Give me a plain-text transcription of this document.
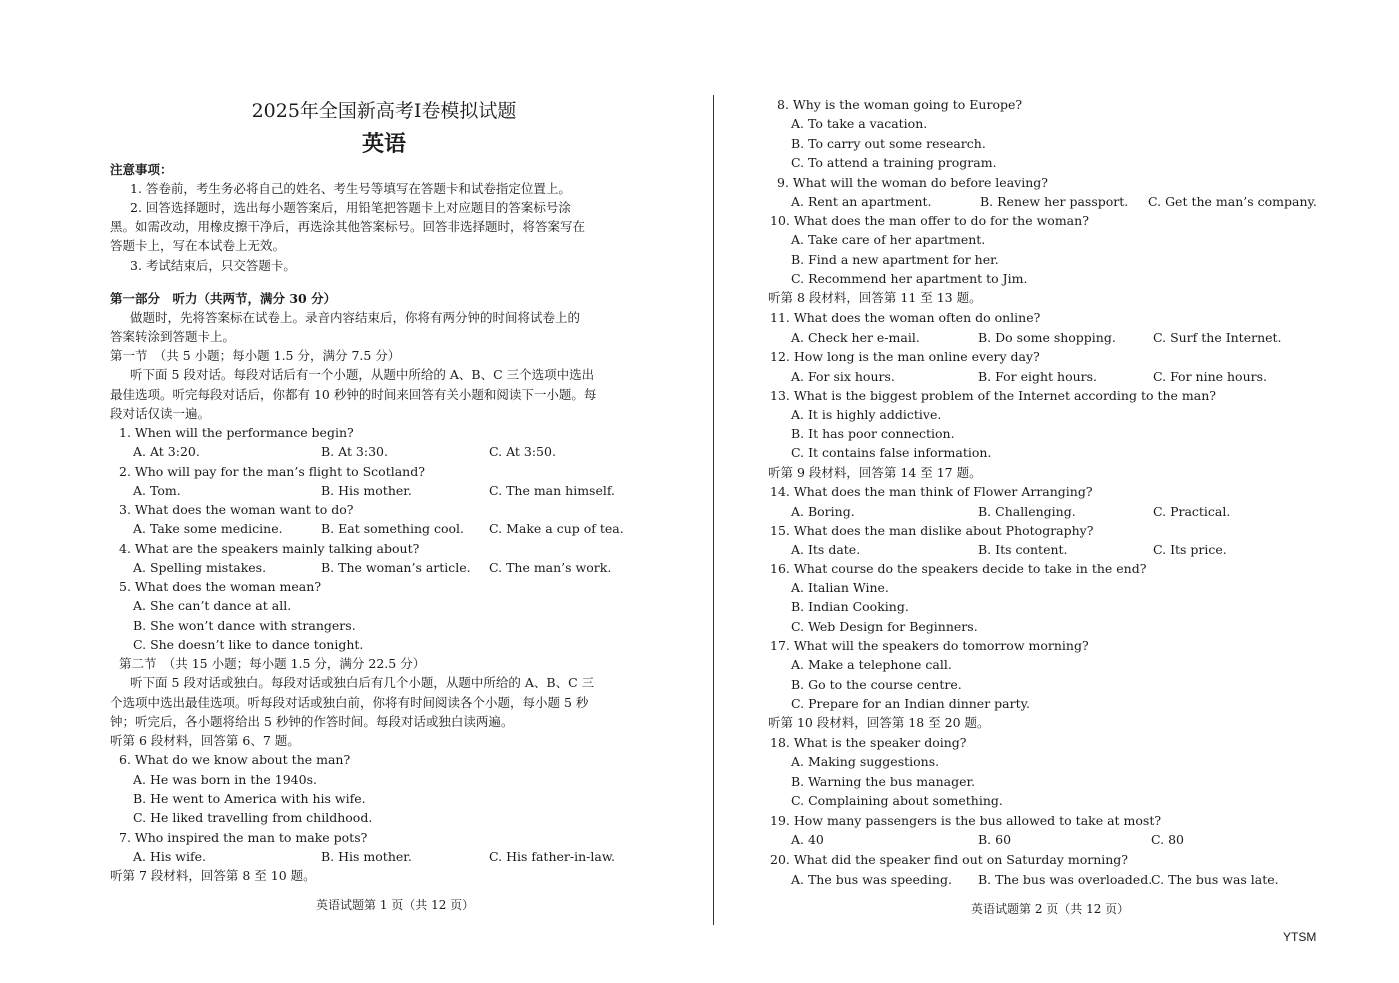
2025年全国新高考Ⅰ卷模拟试题
英语
注意事项：
1. 答卷前，考生务必将自己的姓名、考生号等填写在答题卡和试卷指定位置上。
2. 回答选择题时，选出每小题答案后，用铅笔把答题卡上对应题目的答案标号涂
黑。如需改动，用橡皮擦干净后，再选涂其他答案标号。回答非选择题时，将答案写在
答题卡上，写在本试卷上无效。
3. 考试结束后，只交答题卡。
第一部分　听力（共两节，满分 30 分）
做题时，先将答案标在试卷上。录音内容结束后，你将有两分钟的时间将试卷上的
答案转涂到答题卡上。
第一节　（共 5 小题；每小题 1.5 分，满分 7.5 分）
听下面 5 段对话。每段对话后有一个小题，从题中所给的 A、B、C 三个选项中选出
最佳选项。听完每段对话后，你都有 10 秒钟的时间来回答有关小题和阅读下一小题。每
段对话仅读一遍。
1. When will the performance begin?
A. At 3:20.	B. At 3:30.	C. At 3:50.
2. Who will pay for the man’s flight to Scotland?
A. Tom.	B. His mother.	C. The man himself.
3. What does the woman want to do?
A. Take some medicine.	B. Eat something cool. C. Make a cup of tea.
4. What are the speakers mainly talking about?
A. Spelling mistakes.	B. The woman’s article. C. The man’s work.
5. What does the woman mean?
A. She can’t dance at all.
B. She won’t dance with strangers.
C. She doesn’t like to dance tonight.
第二节　（共 15 小题；每小题 1.5 分，满分 22.5 分）
听下面 5 段对话或独白。每段对话或独白后有几个小题，从题中所给的 A、B、C 三
个选项中选出最佳选项。听每段对话或独白前，你将有时间阅读各个小题，每小题 5 秒
钟；听完后，各小题将给出 5 秒钟的作答时间。每段对话或独白读两遍。
听第 6 段材料，回答第 6、7 题。
6. What do we know about the man?
A. He was born in the 1940s.
B. He went to America with his wife.
C. He liked travelling from childhood.
7. Who inspired the man to make pots?
A. His wife.	B. His mother.	C. His father-in-law.
听第 7 段材料，回答第 8 至 10 题。
英语试题第 1 页（共 12 页）
8. Why is the woman going to Europe?
A. To take a vacation.
B. To carry out some research.
C. To attend a training program.
9. What will the woman do before leaving?
A. Rent an apartment.	B. Renew her passport. C. Get the man’s company.
10. What does the man offer to do for the woman?
A. Take care of her apartment.
B. Find a new apartment for her.
C. Recommend her apartment to Jim.
听第 8 段材料，回答第 11 至 13 题。
11. What does the woman often do online?
A. Check her e-mail.	B. Do some shopping.	C. Surf the Internet.
12. How long is the man online every day?
A. For six hours.	B. For eight hours.	C. For nine hours.
13. What is the biggest problem of the Internet according to the man?
A. It is highly addictive.
B. It has poor connection.
C. It contains false information.
听第 9 段材料，回答第 14 至 17 题。
14. What does the man think of Flower Arranging?
A. Boring.	B. Challenging.	C. Practical.
15. What does the man dislike about Photography?
A. Its date.	B. Its content.	C. Its price.
16. What course do the speakers decide to take in the end?
A. Italian Wine.
B. Indian Cooking.
C. Web Design for Beginners.
17. What will the speakers do tomorrow morning?
A. Make a telephone call.
B. Go to the course centre.
C. Prepare for an Indian dinner party.
听第 10 段材料，回答第 18 至 20 题。
18. What is the speaker doing?
A. Making suggestions.
B. Warning the bus manager.
C. Complaining about something.
19. How many passengers is the bus allowed to take at most?
A. 40	B. 60	C. 80
20. What did the speaker find out on Saturday morning?
A. The bus was speeding. B. The bus was overloaded.
C. The bus was late.
英语试题第 2 页（共 12 页）
YTSM
